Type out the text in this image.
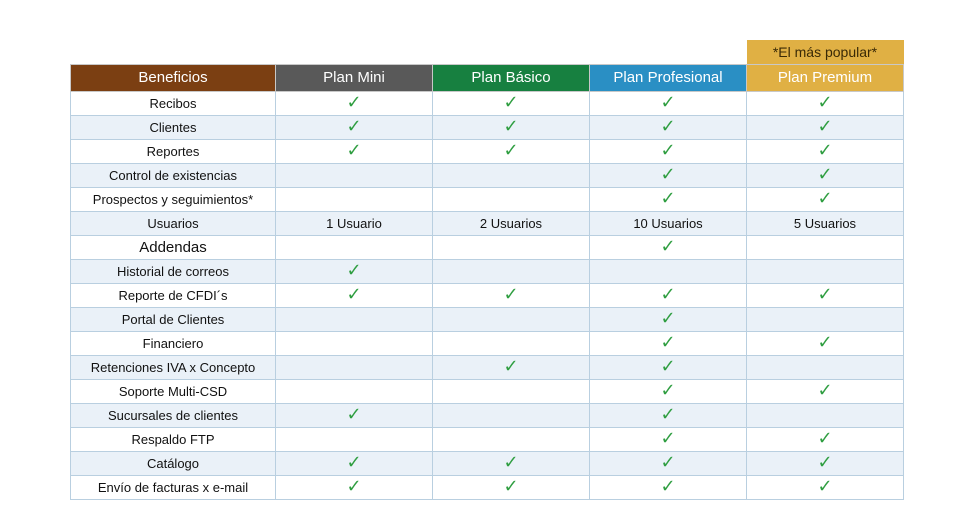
				*El más popular*
Beneficios	Plan Mini	Plan Básico	Plan Profesional	Plan Premium
Recibos	✓	✓	✓	✓
Clientes	✓	✓	✓	✓
Reportes	✓	✓	✓	✓
Control de existencias			✓	✓
Prospectos y seguimientos*			✓	✓
Usuarios	1 Usuario	2 Usuarios	10 Usuarios	5 Usuarios
Addendas			✓	
Historial de correos	✓			
Reporte de CFDI´s	✓	✓	✓	✓
Portal de Clientes			✓	
Financiero			✓	✓
Retenciones IVA x Concepto		✓	✓	
Soporte Multi-CSD			✓	✓
Sucursales de clientes	✓		✓	
Respaldo FTP			✓	✓
Catálogo	✓	✓	✓	✓
Envío de facturas x e-mail	✓	✓	✓	✓
